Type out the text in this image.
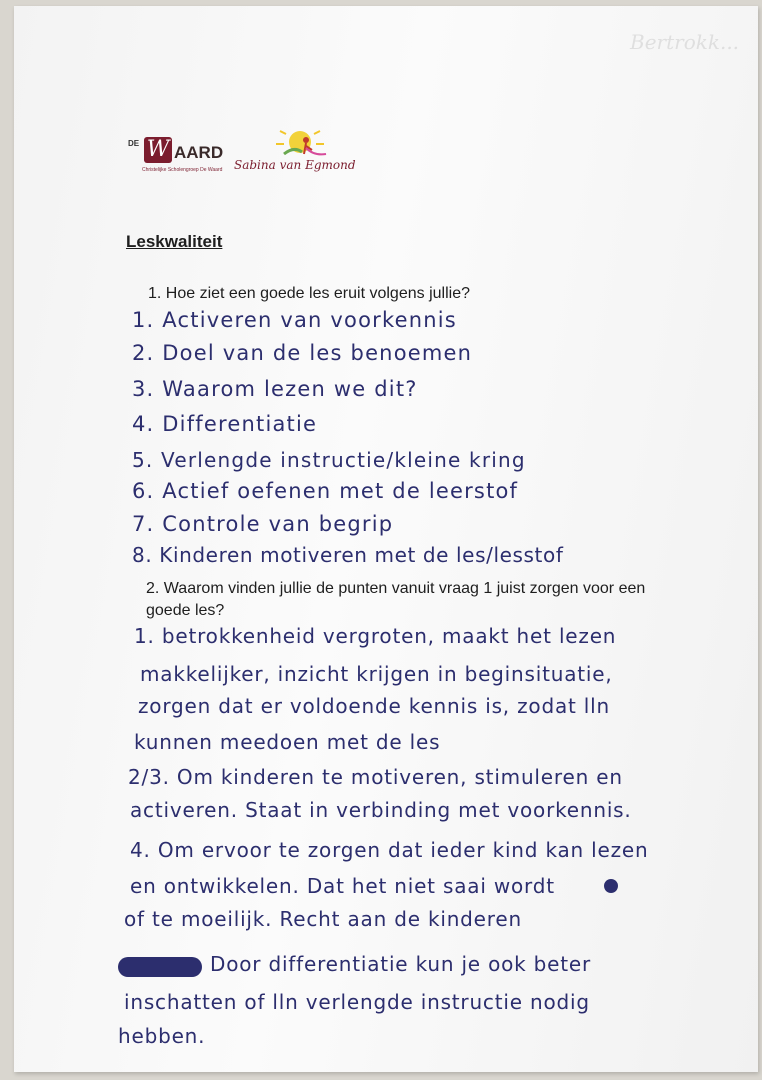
Bertrokk...
DE W AARD
Christelijke Scholengroep De Waard Sabina van Egmond
Leskwaliteit
1. Hoe ziet een goede les eruit volgens jullie?
1. Activeren van voorkennis
2. Doel van de les benoemen
3. Waarom lezen we dit?
4. Differentiatie
5. Verlengde instructie/kleine kring
6. Actief oefenen met de leerstof
7. Controle van begrip
8. Kinderen motiveren met de les/lesstof
2. Waarom vinden jullie de punten vanuit vraag 1 juist zorgen voor een goede les?
1. betrokkenheid vergroten, maakt het lezen
makkelijker, inzicht krijgen in beginsituatie,
zorgen dat er voldoende kennis is, zodat lln
kunnen meedoen met de les
2/3. Om kinderen te motiveren, stimuleren en
activeren. Staat in verbinding met voorkennis.
4. Om ervoor te zorgen dat ieder kind kan lezen
en ontwikkelen. Dat het niet saai wordt
of te moeilijk. Recht aan de kinderen
Door differentiatie kun je ook beter
inschatten of lln verlengde instructie nodig
hebben.
